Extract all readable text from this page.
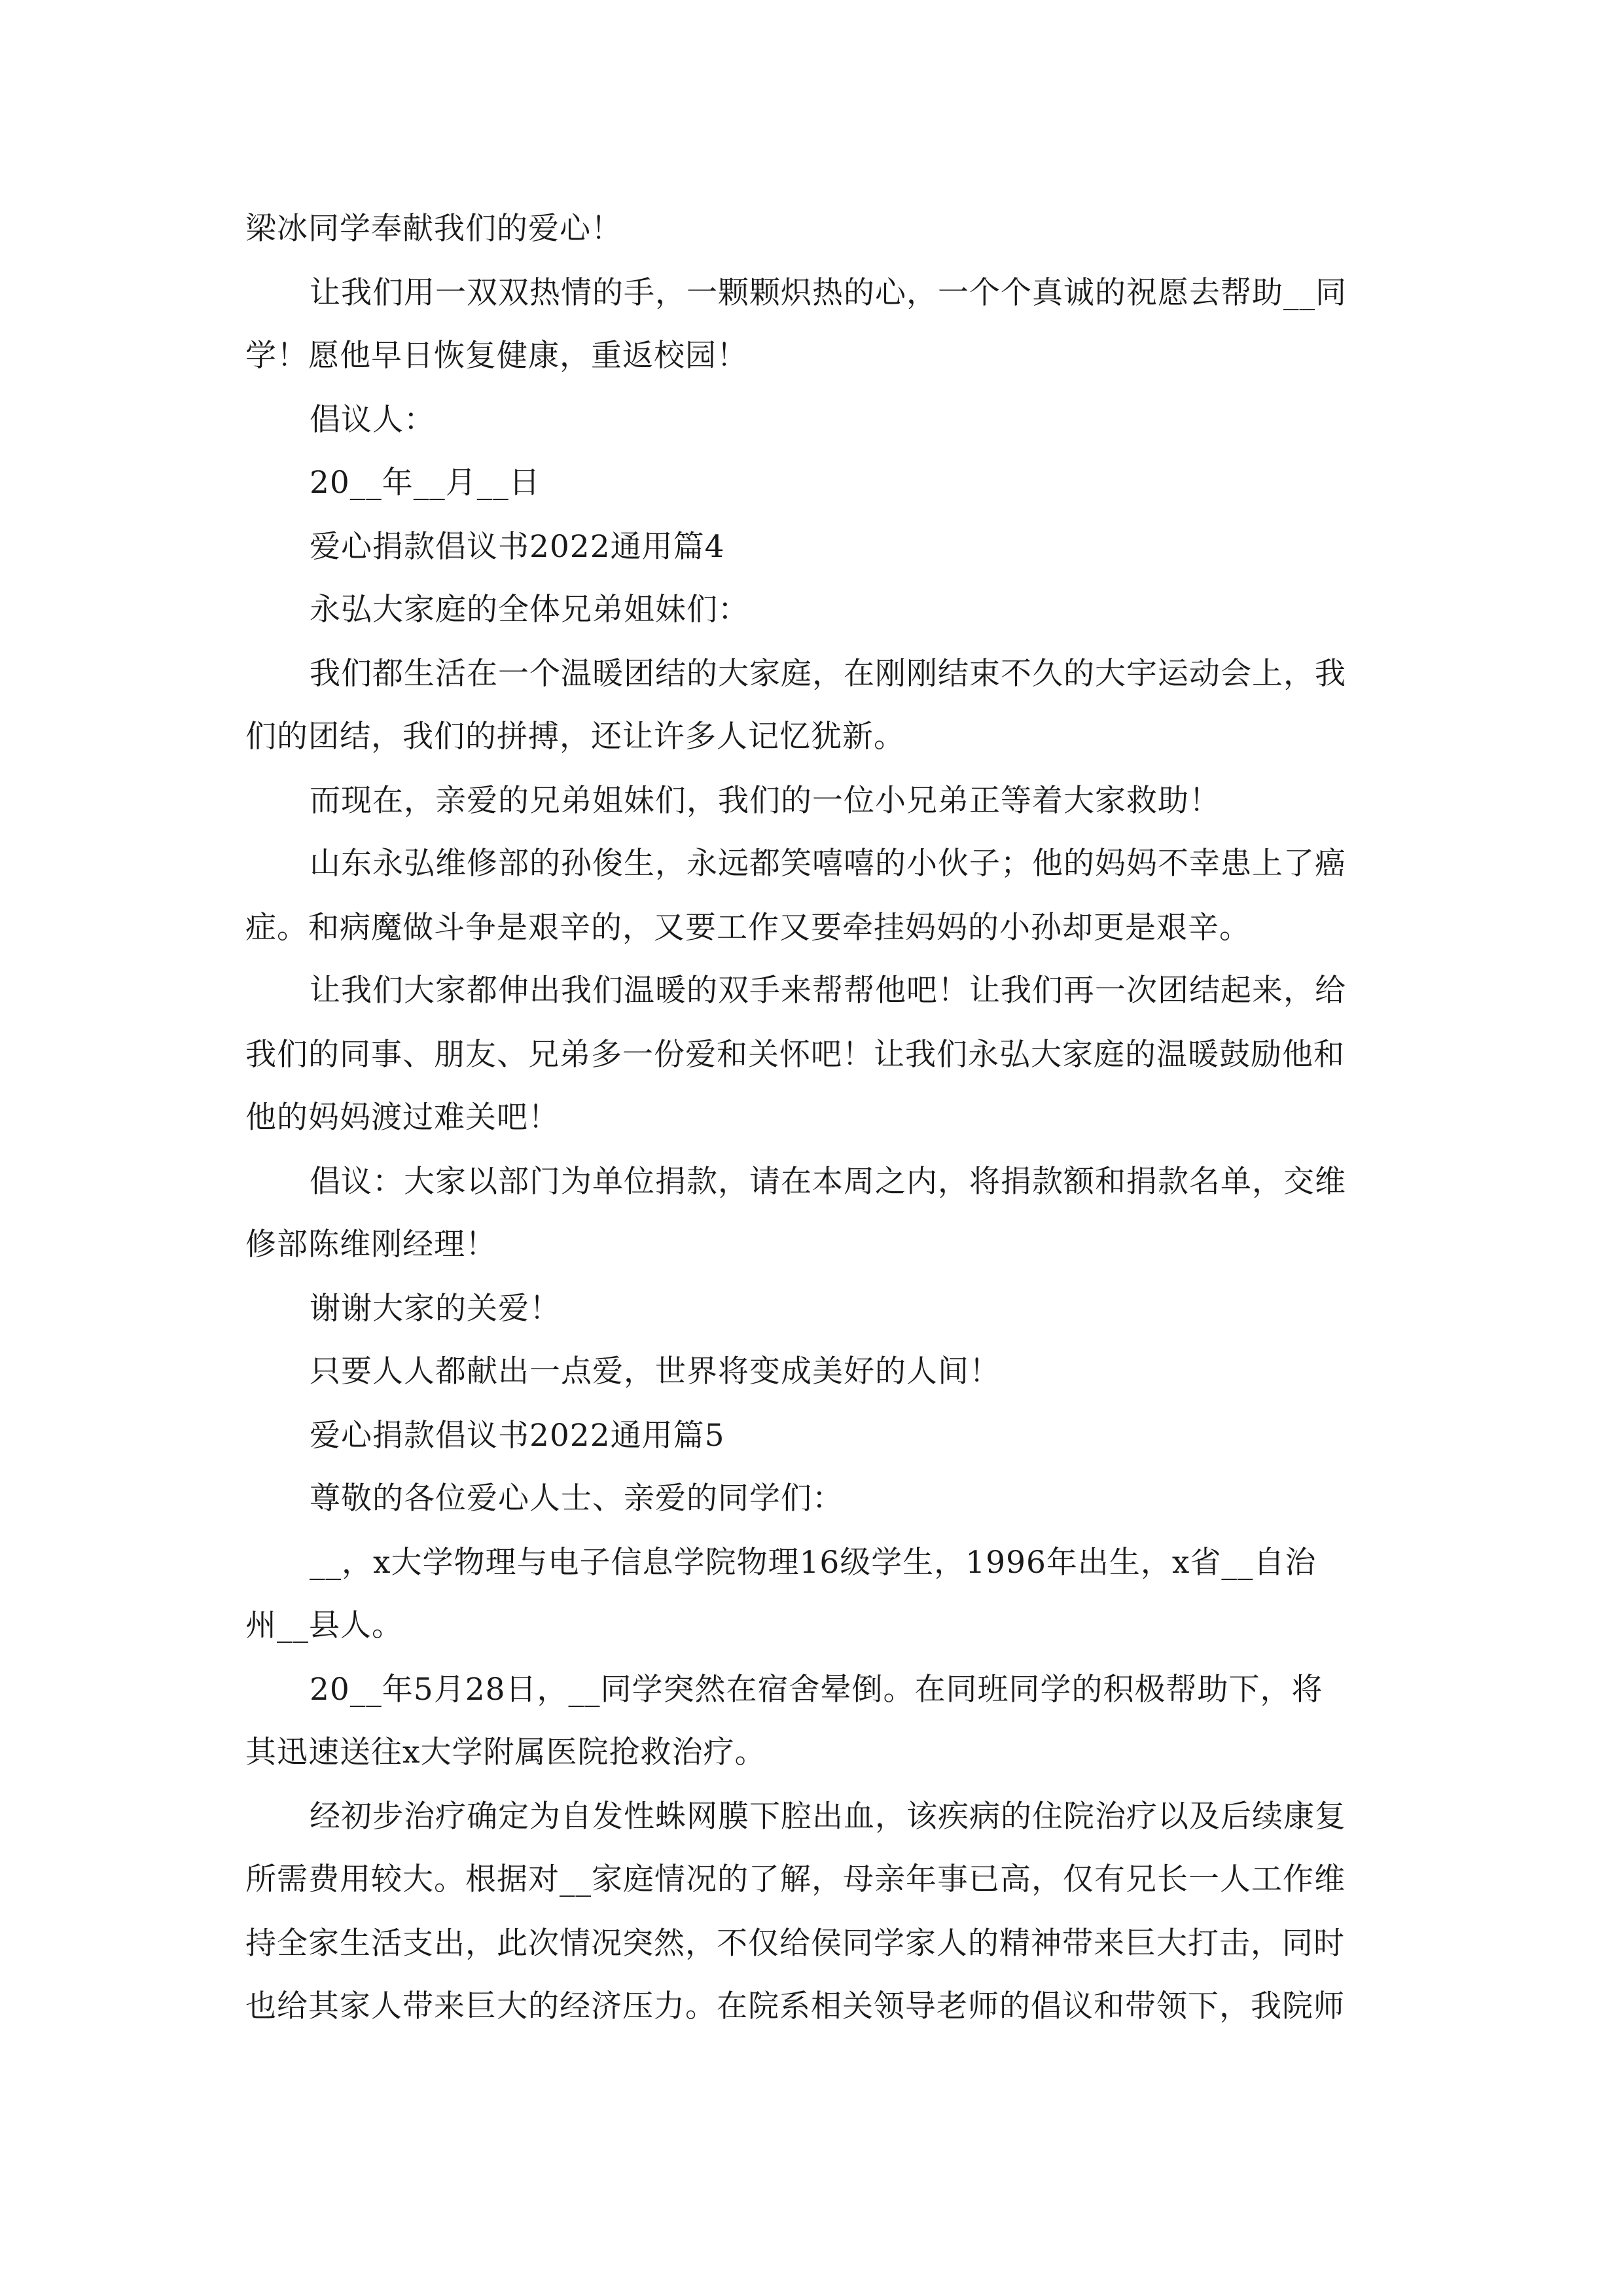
梁冰同学奉献我们的爱心！
让我们用一双双热情的手，一颗颗炽热的心，一个个真诚的祝愿去帮助__同
学！愿他早日恢复健康，重返校园！
倡议人：
20__年__月__日
爱心捐款倡议书2022通用篇4
永弘大家庭的全体兄弟姐妹们：
我们都生活在一个温暖团结的大家庭，在刚刚结束不久的大宇运动会上，我
们的团结，我们的拼搏，还让许多人记忆犹新。
而现在，亲爱的兄弟姐妹们，我们的一位小兄弟正等着大家救助！
山东永弘维修部的孙俊生，永远都笑嘻嘻的小伙子；他的妈妈不幸患上了癌
症。和病魔做斗争是艰辛的，又要工作又要牵挂妈妈的小孙却更是艰辛。
让我们大家都伸出我们温暖的双手来帮帮他吧！让我们再一次团结起来，给
我们的同事、朋友、兄弟多一份爱和关怀吧！让我们永弘大家庭的温暖鼓励他和
他的妈妈渡过难关吧！
倡议：大家以部门为单位捐款，请在本周之内，将捐款额和捐款名单，交维
修部陈维刚经理！
谢谢大家的关爱！
只要人人都献出一点爱，世界将变成美好的人间！
爱心捐款倡议书2022通用篇5
尊敬的各位爱心人士、亲爱的同学们：
__，x大学物理与电子信息学院物理16级学生，1996年出生，x省__自治
州__县人。
20__年5月28日，__同学突然在宿舍晕倒。在同班同学的积极帮助下，将
其迅速送往x大学附属医院抢救治疗。
经初步治疗确定为自发性蛛网膜下腔出血，该疾病的住院治疗以及后续康复
所需费用较大。根据对__家庭情况的了解，母亲年事已高，仅有兄长一人工作维
持全家生活支出，此次情况突然，不仅给侯同学家人的精神带来巨大打击，同时
也给其家人带来巨大的经济压力。在院系相关领导老师的倡议和带领下，我院师
